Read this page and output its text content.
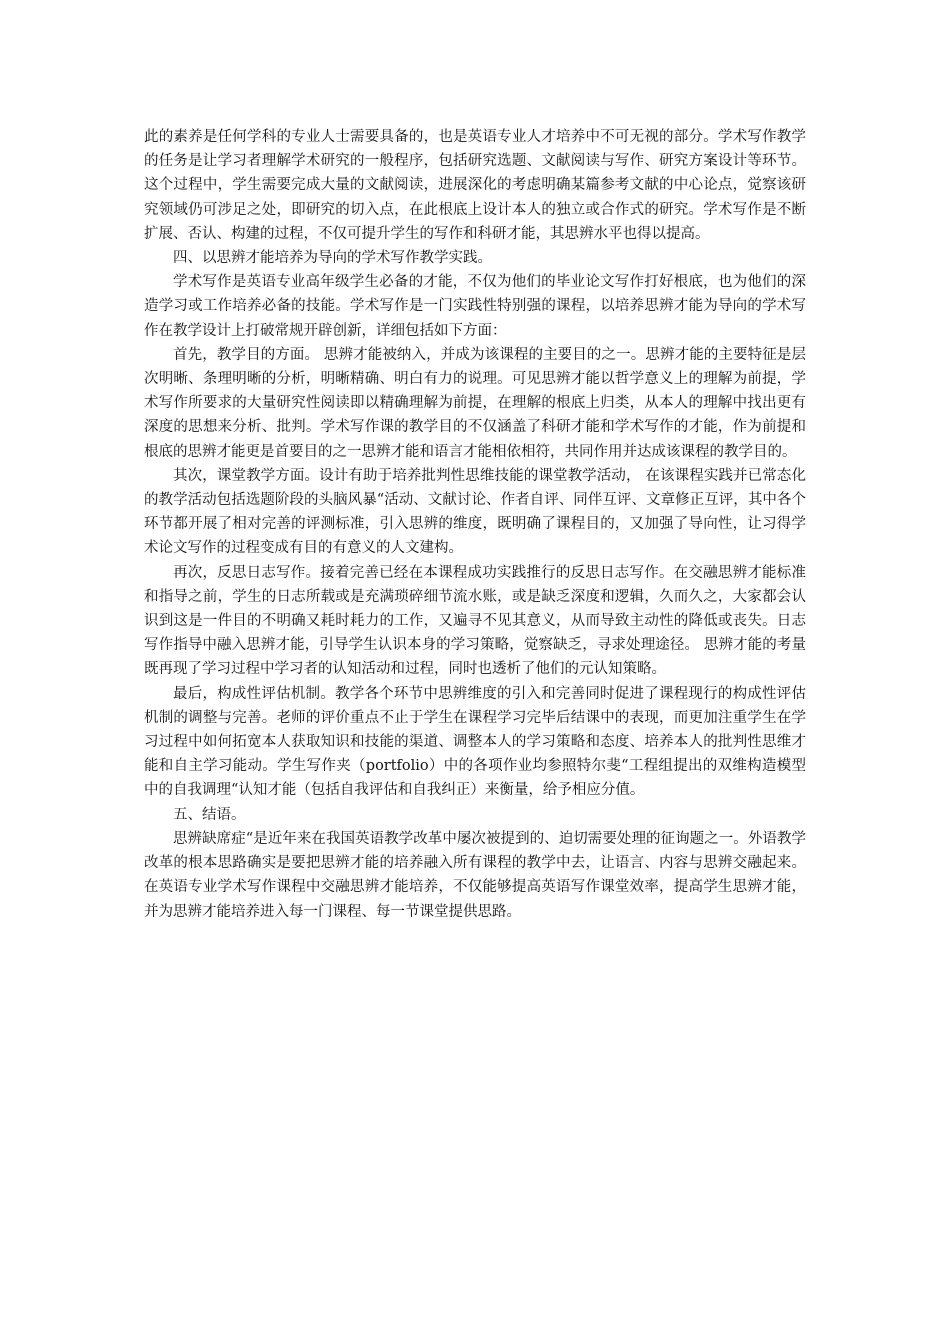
此的素养是任何学科的专业人士需要具备的，也是英语专业人才培养中不可无视的部分。学术写作教学的任务是让学习者理解学术研究的一般程序，包括研究选题、文献阅读与写作、研究方案设计等环节。这个过程中，学生需要完成大量的文献阅读，进展深化的考虑明确某篇参考文献的中心论点，觉察该研究领域仍可涉足之处，即研究的切入点，在此根底上设计本人的独立或合作式的研究。学术写作是不断扩展、否认、构建的过程，不仅可提升学生的写作和科研才能，其思辨水平也得以提高。

四、以思辨才能培养为导向的学术写作教学实践。

学术写作是英语专业高年级学生必备的才能，不仅为他们的毕业论文写作打好根底，也为他们的深造学习或工作培养必备的技能。学术写作是一门实践性特别强的课程，以培养思辨才能为导向的学术写作在教学设计上打破常规开辟创新，详细包括如下方面：

首先，教学目的方面。 思辨才能被纳入，并成为该课程的主要目的之一。思辨才能的主要特征是层次明晰、条理明晰的分析，明晰精确、明白有力的说理。可见思辨才能以哲学意义上的理解为前提，学术写作所要求的大量研究性阅读即以精确理解为前提，在理解的根底上归类，从本人的理解中找出更有深度的思想来分析、批判。学术写作课的教学目的不仅涵盖了科研才能和学术写作的才能，作为前提和根底的思辨才能更是首要目的之一思辨才能和语言才能相依相符，共同作用并达成该课程的教学目的。

其次，课堂教学方面。设计有助于培养批判性思维技能的课堂教学活动， 在该课程实践并已常态化的教学活动包括选题阶段的头脑风暴“活动、文献讨论、作者自评、同伴互评、文章修正互评，其中各个环节都开展了相对完善的评测标准，引入思辨的维度，既明确了课程目的，又加强了导向性，让习得学术论文写作的过程变成有目的有意义的人文建构。

再次，反思日志写作。接着完善已经在本课程成功实践推行的反思日志写作。在交融思辨才能标准和指导之前，学生的日志所载或是充满琐碎细节流水账，或是缺乏深度和逻辑，久而久之，大家都会认识到这是一件目的不明确又耗时耗力的工作，又遍寻不见其意义，从而导致主动性的降低或丧失。日志写作指导中融入思辨才能，引导学生认识本身的学习策略，觉察缺乏，寻求处理途径。 思辨才能的考量既再现了学习过程中学习者的认知活动和过程，同时也透析了他们的元认知策略。

最后，构成性评估机制。教学各个环节中思辨维度的引入和完善同时促进了课程现行的构成性评估机制的调整与完善。老师的评价重点不止于学生在课程学习完毕后结课中的表现，而更加注重学生在学习过程中如何拓宽本人获取知识和技能的渠道、调整本人的学习策略和态度、培养本人的批判性思维才能和自主学习能动。学生写作夹（portfolio）中的各项作业均参照特尔斐“工程组提出的双维构造模型中的自我调理“认知才能（包括自我评估和自我纠正）来衡量，给予相应分值。

五、结语。

思辨缺席症“是近年来在我国英语教学改革中屡次被提到的、迫切需要处理的征询题之一。外语教学改革的根本思路确实是要把思辨才能的培养融入所有课程的教学中去，让语言、内容与思辨交融起来。在英语专业学术写作课程中交融思辨才能培养，不仅能够提高英语写作课堂效率，提高学生思辨才能，并为思辨才能培养进入每一门课程、每一节课堂提供思路。
